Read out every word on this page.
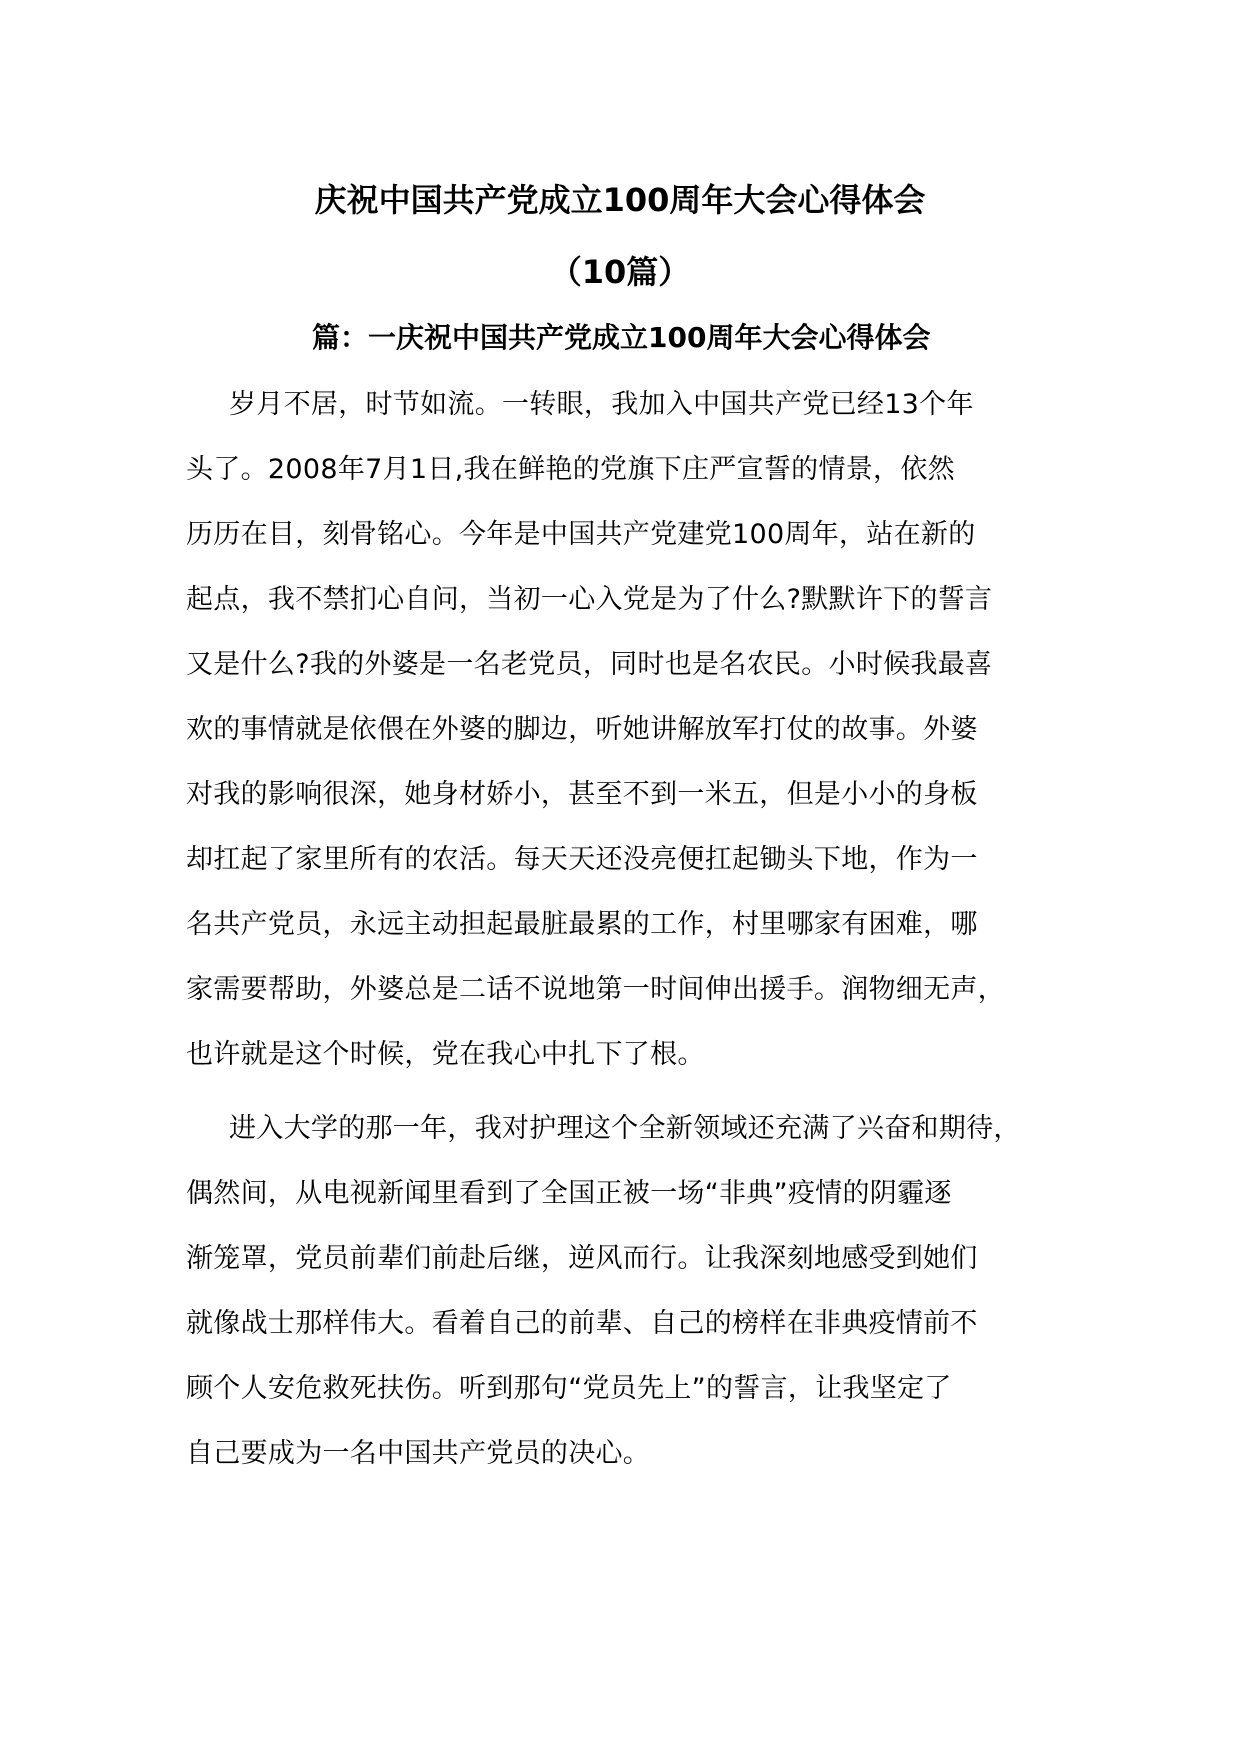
庆祝中国共产党成立100周年大会心得体会
（10篇）
篇：一庆祝中国共产党成立100周年大会心得体会
岁月不居，时节如流。一转眼，我加入中国共产党已经13个年
头了。2008年7月1日,我在鲜艳的党旗下庄严宣誓的情景，依然
历历在目，刻骨铭心。今年是中国共产党建党100周年，站在新的
起点，我不禁扪心自问，当初一心入党是为了什么?默默许下的誓言
又是什么?我的外婆是一名老党员，同时也是名农民。小时候我最喜
欢的事情就是依偎在外婆的脚边，听她讲解放军打仗的故事。外婆
对我的影响很深，她身材娇小，甚至不到一米五，但是小小的身板
却扛起了家里所有的农活。每天天还没亮便扛起锄头下地，作为一
名共产党员，永远主动担起最脏最累的工作，村里哪家有困难，哪
家需要帮助，外婆总是二话不说地第一时间伸出援手。润物细无声，
也许就是这个时候，党在我心中扎下了根。
进入大学的那一年，我对护理这个全新领域还充满了兴奋和期待，
偶然间，从电视新闻里看到了全国正被一场“非典”疫情的阴霾逐
渐笼罩，党员前辈们前赴后继，逆风而行。让我深刻地感受到她们
就像战士那样伟大。看着自己的前辈、自己的榜样在非典疫情前不
顾个人安危救死扶伤。听到那句“党员先上”的誓言，让我坚定了
自己要成为一名中国共产党员的决心。
